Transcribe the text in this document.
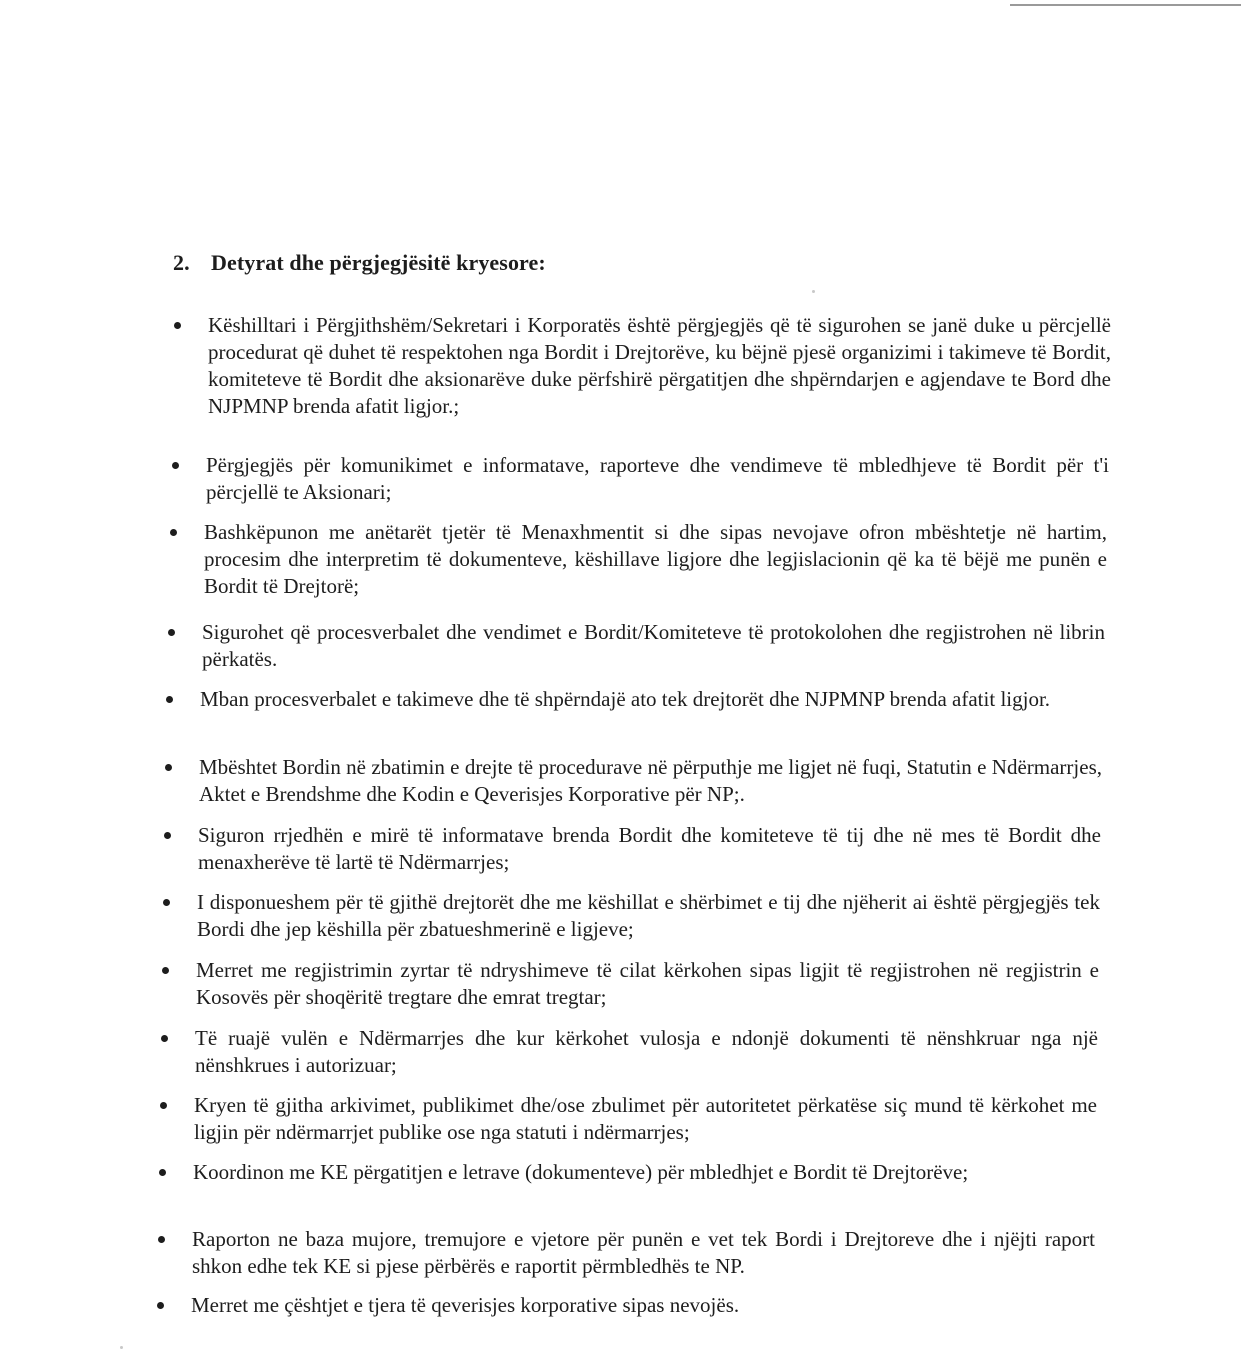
2. Detyrat dhe përgjegjësitë kryesore:
Këshilltari i Përgjithshëm/Sekretari i Korporatës është përgjegjës që të sigurohen se janë duke u përcjellë procedurat që duhet të respektohen nga Bordit i Drejtorëve, ku bëjnë pjesë organizimi i takimeve të Bordit, komiteteve të Bordit dhe aksionarëve duke përfshirë përgatitjen dhe shpërndarjen e agjendave te Bord dhe NJPMNP brenda afatit ligjor.;
Përgjegjës për komunikimet e informatave, raporteve dhe vendimeve të mbledhjeve të Bordit për t'i përcjellë te Aksionari;
Bashkëpunon me anëtarët tjetër të Menaxhmentit si dhe sipas nevojave ofron mbështetje në hartim, procesim dhe interpretim të dokumenteve, këshillave ligjore dhe legjislacionin që ka të bëjë me punën e Bordit të Drejtorë;
Sigurohet që procesverbalet dhe vendimet e Bordit/Komiteteve të protokolohen dhe regjistrohen në librin përkatës.
Mban procesverbalet e takimeve dhe të shpërndajë ato tek drejtorët dhe NJPMNP brenda afatit ligjor.
Mbështet Bordin në zbatimin e drejte të procedurave në përputhje me ligjet në fuqi, Statutin e Ndërmarrjes, Aktet e Brendshme dhe Kodin e Qeverisjes Korporative për NP;.
Siguron rrjedhën e mirë të informatave brenda Bordit dhe komiteteve të tij dhe në mes të Bordit dhe menaxherëve të lartë të Ndërmarrjes;
I disponueshem për të gjithë drejtorët dhe me këshillat e shërbimet e tij dhe njëherit ai është përgjegjës tek Bordi dhe jep këshilla për zbatueshmerinë e ligjeve;
Merret me regjistrimin zyrtar të ndryshimeve të cilat kërkohen sipas ligjit të regjistrohen në regjistrin e Kosovës për shoqëritë tregtare dhe emrat tregtar;
Të ruajë vulën e Ndërmarrjes dhe kur kërkohet vulosja e ndonjë dokumenti të nënshkruar nga një nënshkrues i autorizuar;
Kryen të gjitha arkivimet, publikimet dhe/ose zbulimet për autoritetet përkatëse siç mund të kërkohet me ligjin për ndërmarrjet publike ose nga statuti i ndërmarrjes;
Koordinon me KE përgatitjen e letrave (dokumenteve) për mbledhjet e Bordit të Drejtorëve;
Raporton ne baza mujore, tremujore e vjetore për punën e vet tek Bordi i Drejtoreve dhe i njëjti raport shkon edhe tek KE si pjese përbërës e raportit përmbledhës te NP.
Merret me çështjet e tjera të qeverisjes korporative sipas nevojës.
